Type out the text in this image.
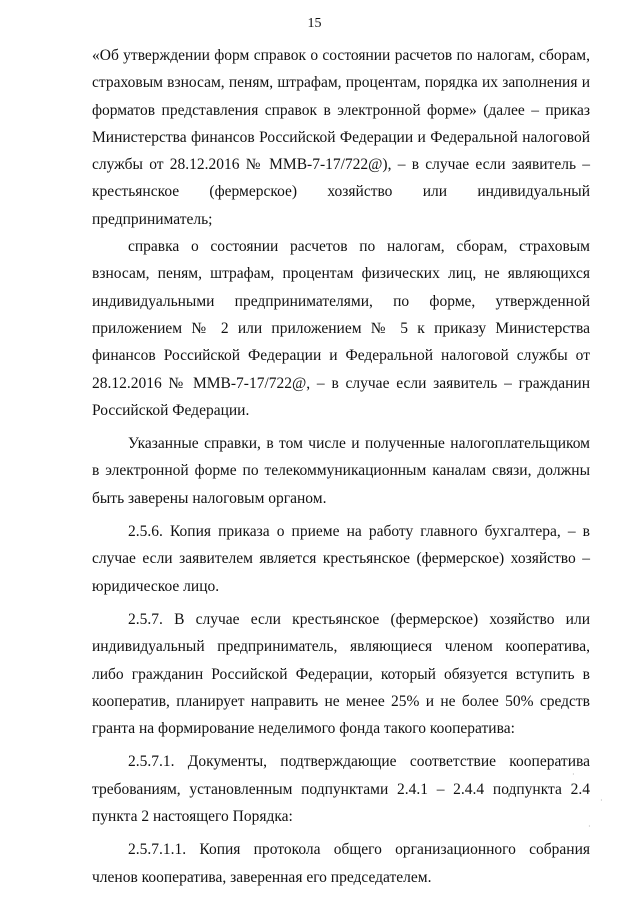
15

«Об утверждении форм справок о состоянии расчетов по налогам, сборам, страховым взносам, пеням, штрафам, процентам, порядка их заполнения и форматов представления справок в электронной форме» (далее – приказ Министерства финансов Российской Федерации и Федеральной налоговой службы от 28.12.2016 № ММВ-7-17/722@), – в случае если заявитель – крестьянское (фермерское) хозяйство или индивидуальный предприниматель;

справка о состоянии расчетов по налогам, сборам, страховым взносам, пеням, штрафам, процентам физических лиц, не являющихся индивидуальными предпринимателями, по форме, утвержденной приложением № 2 или приложением № 5 к приказу Министерства финансов Российской Федерации и Федеральной налоговой службы от 28.12.2016 № ММВ-7-17/722@, – в случае если заявитель – гражданин Российской Федерации.

Указанные справки, в том числе и полученные налогоплательщиком в электронной форме по телекоммуникационным каналам связи, должны быть заверены налоговым органом.

2.5.6. Копия приказа о приеме на работу главного бухгалтера, – в случае если заявителем является крестьянское (фермерское) хозяйство – юридическое лицо.

2.5.7. В случае если крестьянское (фермерское) хозяйство или индивидуальный предприниматель, являющиеся членом кооператива, либо гражданин Российской Федерации, который обязуется вступить в кооператив, планирует направить не менее 25% и не более 50% средств гранта на формирование неделимого фонда такого кооператива:

2.5.7.1. Документы, подтверждающие соответствие кооператива требованиям, установленным подпунктами 2.4.1 – 2.4.4 подпункта 2.4 пункта 2 настоящего Порядка:

2.5.7.1.1. Копия протокола общего организационного собрания членов кооператива, заверенная его председателем.

·
·
·
